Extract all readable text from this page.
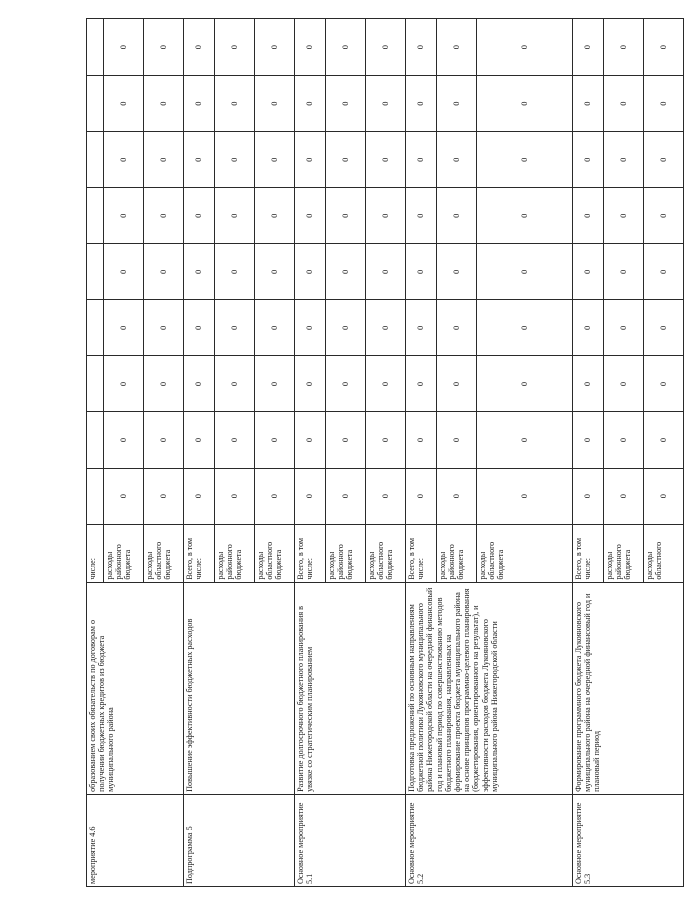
мероприятие 4.6	образованием своих обязательств по договорам о получении бюджетных кредитов из бюджета муниципального района	числе:									
		расходы районного бюджета	0	0	0	0	0	0	0	0	0
		расходы областного бюджета	0	0	0	0	0	0	0	0	0
Подпрограмма 5	Повышение эффективности бюджетных расходов	Всего, в том числе:	0	0	0	0	0	0	0	0	0
		расходы районного бюджета	0	0	0	0	0	0	0	0	0
		расходы областного бюджета	0	0	0	0	0	0	0	0	0
Основное мероприятие 5.1	Развитие долгосрочного бюджетного планирования в увязке со стратегическим планированием	Всего, в том числе:	0	0	0	0	0	0	0	0	0
		расходы районного бюджета	0	0	0	0	0	0	0	0	0
		расходы областного бюджета	0	0	0	0	0	0	0	0	0
Основное мероприятие 5.2	Подготовка предложений по основным направлениям бюджетной политики Лукояновского муниципального района Нижегородской области на очередной финансовый год и плановый период по совершенствованию методов бюджетного планирования, направленных на формирование проекта бюджета муниципального района на основе принципов программно-целевого планирования (бюджетирования, ориентированного на результат), и эффективности расходов бюджета Лукояновского муниципального района Нижегородской области	Всего, в том числе:	0	0	0	0	0	0	0	0	0
		расходы районного бюджета	0	0	0	0	0	0	0	0	0
		расходы областного бюджета	0	0	0	0	0	0	0	0	0
Основное мероприятие 5.3	Формирование программного бюджета Лукояновского муниципального района на очередной финансовый год и плановый период	Всего, в том числе:	0	0	0	0	0	0	0	0	0
		расходы районного бюджета	0	0	0	0	0	0	0	0	0
		расходы областного	0	0	0	0	0	0	0	0	0
